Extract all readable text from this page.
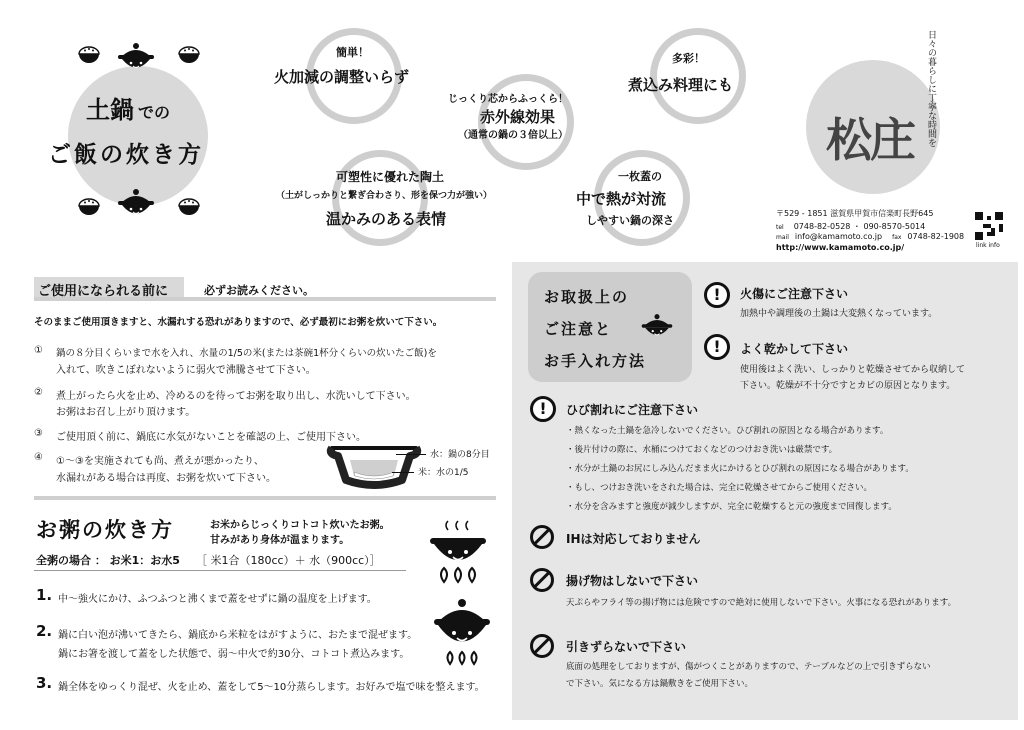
土鍋 での
ご飯の炊き方
簡単！
火加減の調整いらず
じっくり芯からふっくら！
赤外線効果
（通常の鍋の３倍以上）
多彩！
煮込み料理にも
可塑性に優れた陶土
（土がしっかりと繋ぎ合わさり、形を保つ力が強い）
温かみのある表情
一枚蓋の
中で熱が対流
しやすい鍋の深さ
日々の暮らしに丁寧な時間を
松庄
〒529 - 1851 滋賀県甲賀市信楽町長野645
tel 0748-82-0528 ・ 090-8570-5014
mail info@kamamoto.co.jp fax 0748-82-1908
http://www.kamamoto.co.jp/	link info
ご使用になられる前に	必ずお読みください。
そのままご使用頂きますと、水漏れする恐れがありますので、必ず最初にお粥を炊いて下さい。
① 鍋の８分目くらいまで水を入れ、水量の1/5の米(または茶碗1杯分くらいの炊いたご飯)を
入れて、吹きこぼれないように弱火で沸騰させて下さい。
② 煮上がったら火を止め、冷めるのを待ってお粥を取り出し、水洗いして下さい。
お粥はお召し上がり頂けます。
③ ご使用頂く前に、鍋底に水気がないことを確認の上、ご使用下さい。
④ ①〜③を実施されても尚、煮えが悪かったり、
水漏れがある場合は再度、お粥を炊いて下さい。
水：鍋の8分目
米：水の1/5
お粥の炊き方	お米からじっくりコトコト炊いたお粥。
甘みがあり身体が温まります。
全粥の場合 ： お米1：お水5 ［ 米1合（180cc）＋ 水（900cc）］
1. 中〜強火にかけ、ふつふつと沸くまで蓋をせずに鍋の温度を上げます。
2. 鍋に白い泡が沸いてきたら、鍋底から米粒をはがすように、おたまで混ぜます。
鍋にお箸を渡して蓋をした状態で、弱〜中火で約30分、コトコト煮込みます。
3. 鍋全体をゆっくり混ぜ、火を止め、蓋をして5〜10分蒸らします。お好みで塩で味を整えます。
お取扱上の
ご注意と
お手入れ方法
! 火傷にご注意下さい
加熱中や調理後の土鍋は大変熱くなっています。
! よく乾かして下さい
使用後はよく洗い、しっかりと乾燥させてから収納して
下さい。乾燥が不十分ですとカビの原因となります。
! ひび割れにご注意下さい
・熱くなった土鍋を急冷しないでください。ひび割れの原因となる場合があります。
・後片付けの際に、水桶につけておくなどのつけおき洗いは厳禁です。
・水分が土鍋のお尻にしみ込んだまま火にかけるとひび割れの原因になる場合があります。
・もし、つけおき洗いをされた場合は、完全に乾燥させてからご使用ください。
・水分を含みますと強度が減少しますが、完全に乾燥すると元の強度まで回復します。
IHは対応しておりません
揚げ物はしないで下さい
天ぷらやフライ等の揚げ物には危険ですので絶対に使用しないで下さい。火事になる恐れがあります。
引きずらないで下さい
底面の処理をしておりますが、傷がつくことがありますので、テーブルなどの上で引きずらない
で下さい。気になる方は鍋敷きをご使用下さい。
